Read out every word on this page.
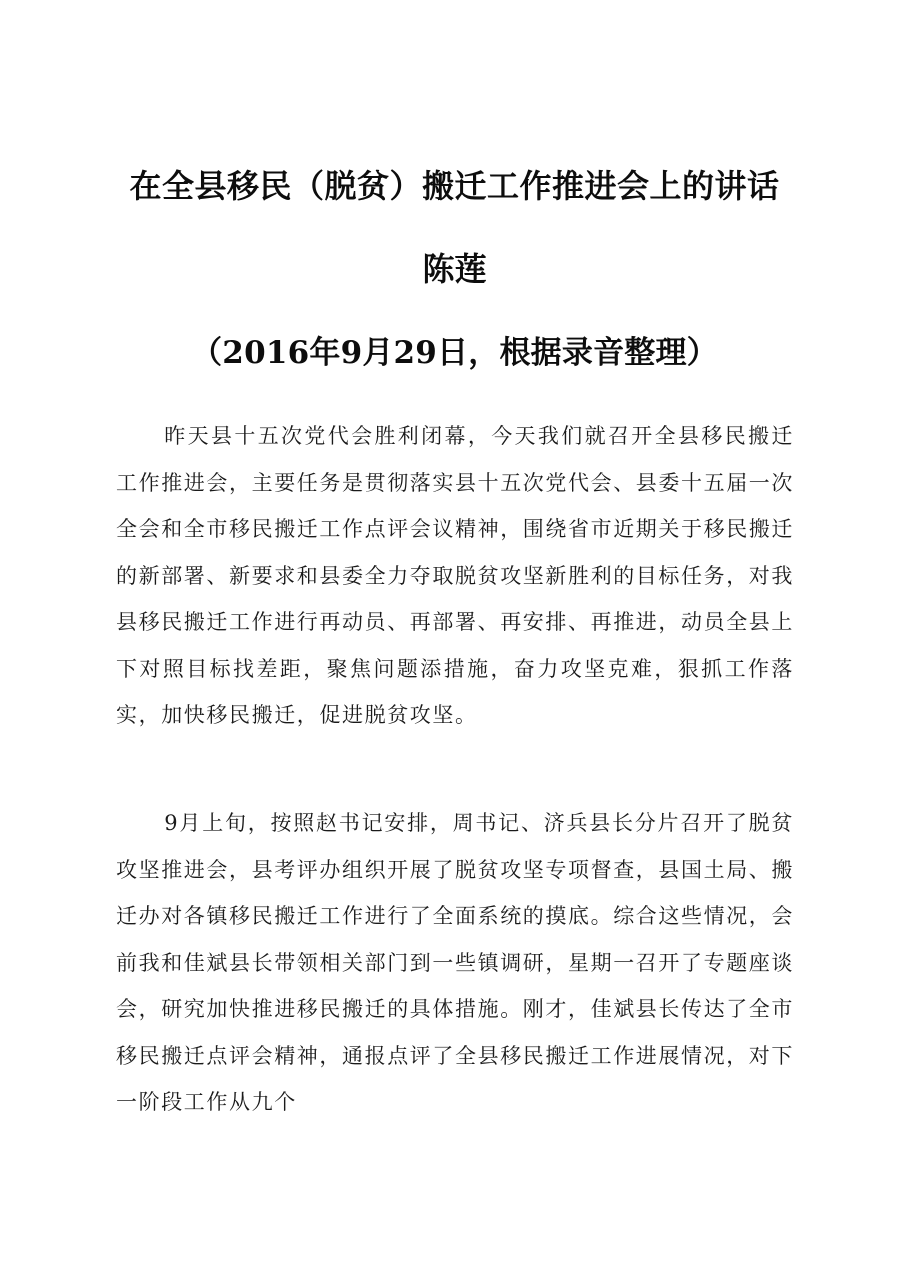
在全县移民（脱贫）搬迁工作推进会上的讲话
陈莲
（2016年9月29日，根据录音整理）

昨天县十五次党代会胜利闭幕，今天我们就召开全县移民搬迁工作推进会，主要任务是贯彻落实县十五次党代会、县委十五届一次全会和全市移民搬迁工作点评会议精神，围绕省市近期关于移民搬迁的新部署、新要求和县委全力夺取脱贫攻坚新胜利的目标任务，对我县移民搬迁工作进行再动员、再部署、再安排、再推进，动员全县上下对照目标找差距，聚焦问题添措施，奋力攻坚克难，狠抓工作落实，加快移民搬迁，促进脱贫攻坚。

9月上旬，按照赵书记安排，周书记、济兵县长分片召开了脱贫攻坚推进会，县考评办组织开展了脱贫攻坚专项督查，县国土局、搬迁办对各镇移民搬迁工作进行了全面系统的摸底。综合这些情况，会前我和佳斌县长带领相关部门到一些镇调研，星期一召开了专题座谈会，研究加快推进移民搬迁的具体措施。刚才，佳斌县长传达了全市移民搬迁点评会精神，通报点评了全县移民搬迁工作进展情况，对下一阶段工作从九个
